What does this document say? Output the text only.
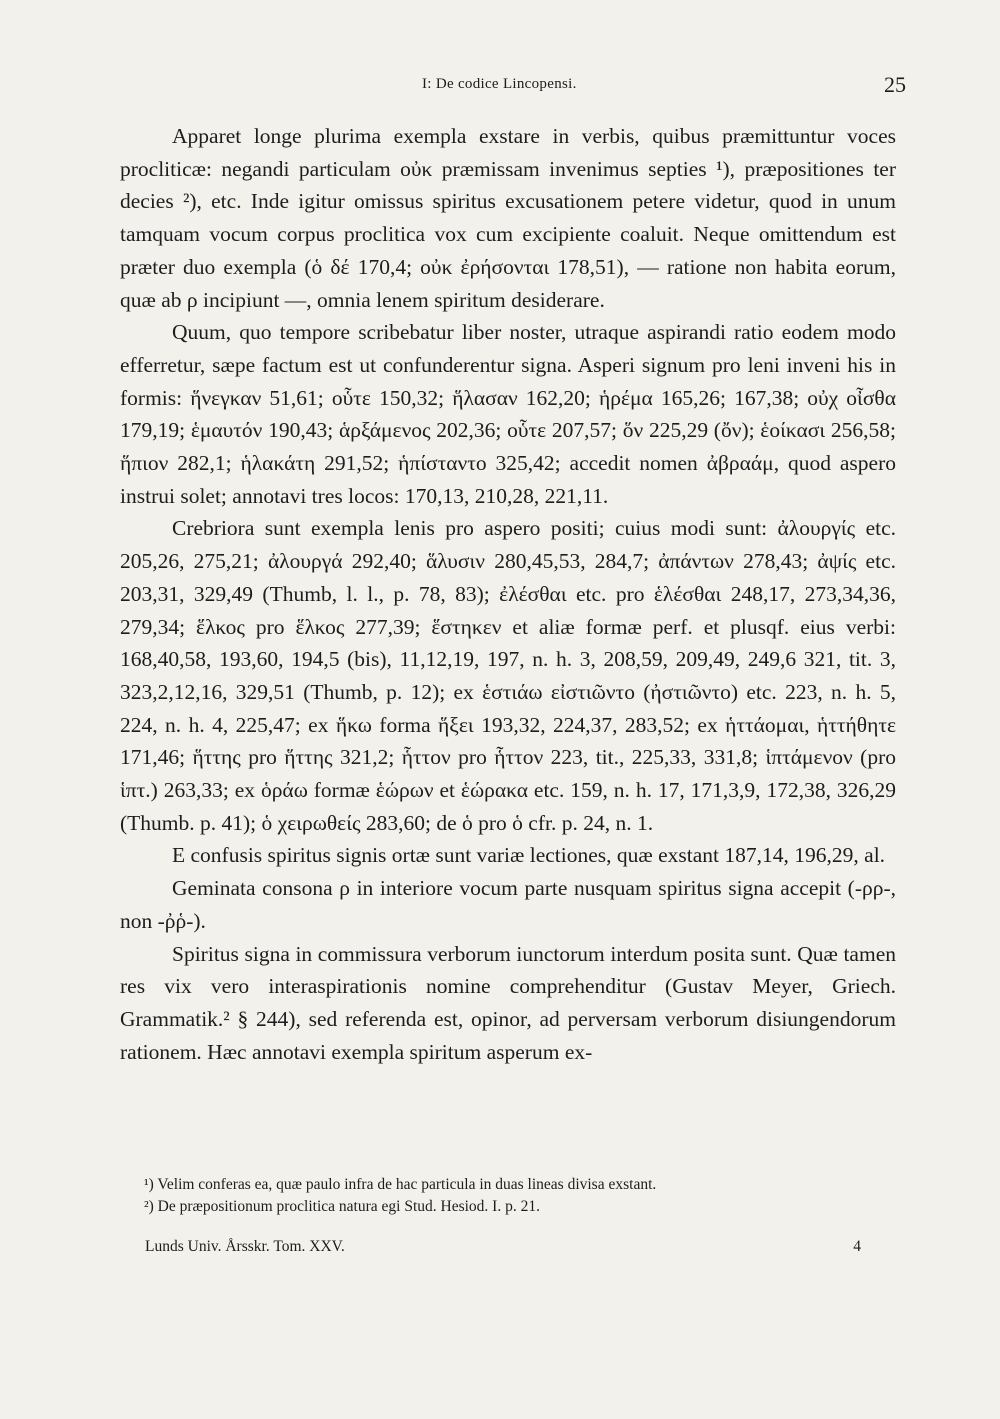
I: De codice Lincopensi.	25

Apparet longe plurima exempla exstare in verbis, quibus præmittuntur voces procliticæ: negandi particulam οὐκ præmissam invenimus septies ¹), præpositiones ter decies ²), etc. Inde igitur omissus spiritus excusationem petere videtur, quod in unum tamquam vocum corpus proclitica vox cum excipiente coaluit. Neque omittendum est præter duo exempla (ὁ δέ 170,4; οὐκ ἐρήσονται 178,51), — ratione non habita eorum, quæ ab ρ incipiunt —, omnia lenem spiritum desiderare.

Quum, quo tempore scribebatur liber noster, utraque aspirandi ratio eodem modo efferretur, sæpe factum est ut confunderentur signa. Asperi signum pro leni inveni his in formis: ἥνεγκαν 51,61; οὗτε 150,32; ἥλασαν 162,20; ἡρέμα 165,26; 167,38; οὐχ οἶσθα 179,19; ἑμαυτόν 190,43; ἁρξάμενος 202,36; οὗτε 207,57; ὅν 225,29 (ὄν); ἑοίκασι 256,58; ἥπιον 282,1; ἡλακάτη 291,52; ἡπίσταντο 325,42; accedit nomen ἀβραάμ, quod aspero instrui solet; annotavi tres locos: 170,13, 210,28, 221,11.

Crebriora sunt exempla lenis pro aspero positi; cuius modi sunt: ἀλουργίς etc. 205,26, 275,21; ἀλουργά 292,40; ἅλυσιν 280,45,53, 284,7; ἀπάντων 278,43; ἀψίς etc. 203,31, 329,49 (Thumb, l. l., p. 78, 83); ἐλέσθαι etc. pro ἑλέσθαι 248,17, 273,34,36, 279,34; ἕλκος pro ἕλκος 277,39; ἕστηκεν et aliæ formæ perf. et plusqf. eius verbi: 168,40,58, 193,60, 194,5 (bis), 11,12,19, 197, n. h. 3, 208,59, 209,49, 249,6 321, tit. 3, 323,2,12,16, 329,51 (Thumb, p. 12); ex ἑστιάω εἰστιῶντο (ἠστιῶντο) etc. 223, n. h. 5, 224, n. h. 4, 225,47; ex ἥκω forma ἥξει 193,32, 224,37, 283,52; ex ἡττάομαι, ἡττήθητε 171,46; ἥττης pro ἥττης 321,2; ἧττον pro ἧττον 223, tit., 225,33, 331,8; ἱπτάμενον (pro ἱπτ.) 263,33; ex ὁράω formæ ἑώρων et ἑώρακα etc. 159, n. h. 17, 171,3,9, 172,38, 326,29 (Thumb. p. 41); ὁ χειρωθείς 283,60; de ὁ pro ὁ cfr. p. 24, n. 1.

E confusis spiritus signis ortæ sunt variæ lectiones, quæ exstant 187,14, 196,29, al.

Geminata consona ρ in interiore vocum parte nusquam spiritus signa accepit (-ρρ-, non -ῤῥ-).

Spiritus signa in commissura verborum iunctorum interdum posita sunt. Quæ tamen res vix vero interaspirationis nomine comprehenditur (Gustav Meyer, Griech. Grammatik.² § 244), sed referenda est, opinor, ad perversam verborum disiungendorum rationem. Hæc annotavi exempla spiritum asperum ex-

¹) Velim conferas ea, quæ paulo infra de hac particula in duas lineas divisa exstant.

²) De præpositionum proclitica natura egi Stud. Hesiod. I. p. 21.

Lunds Univ. Årsskr. Tom. XXV.	4
